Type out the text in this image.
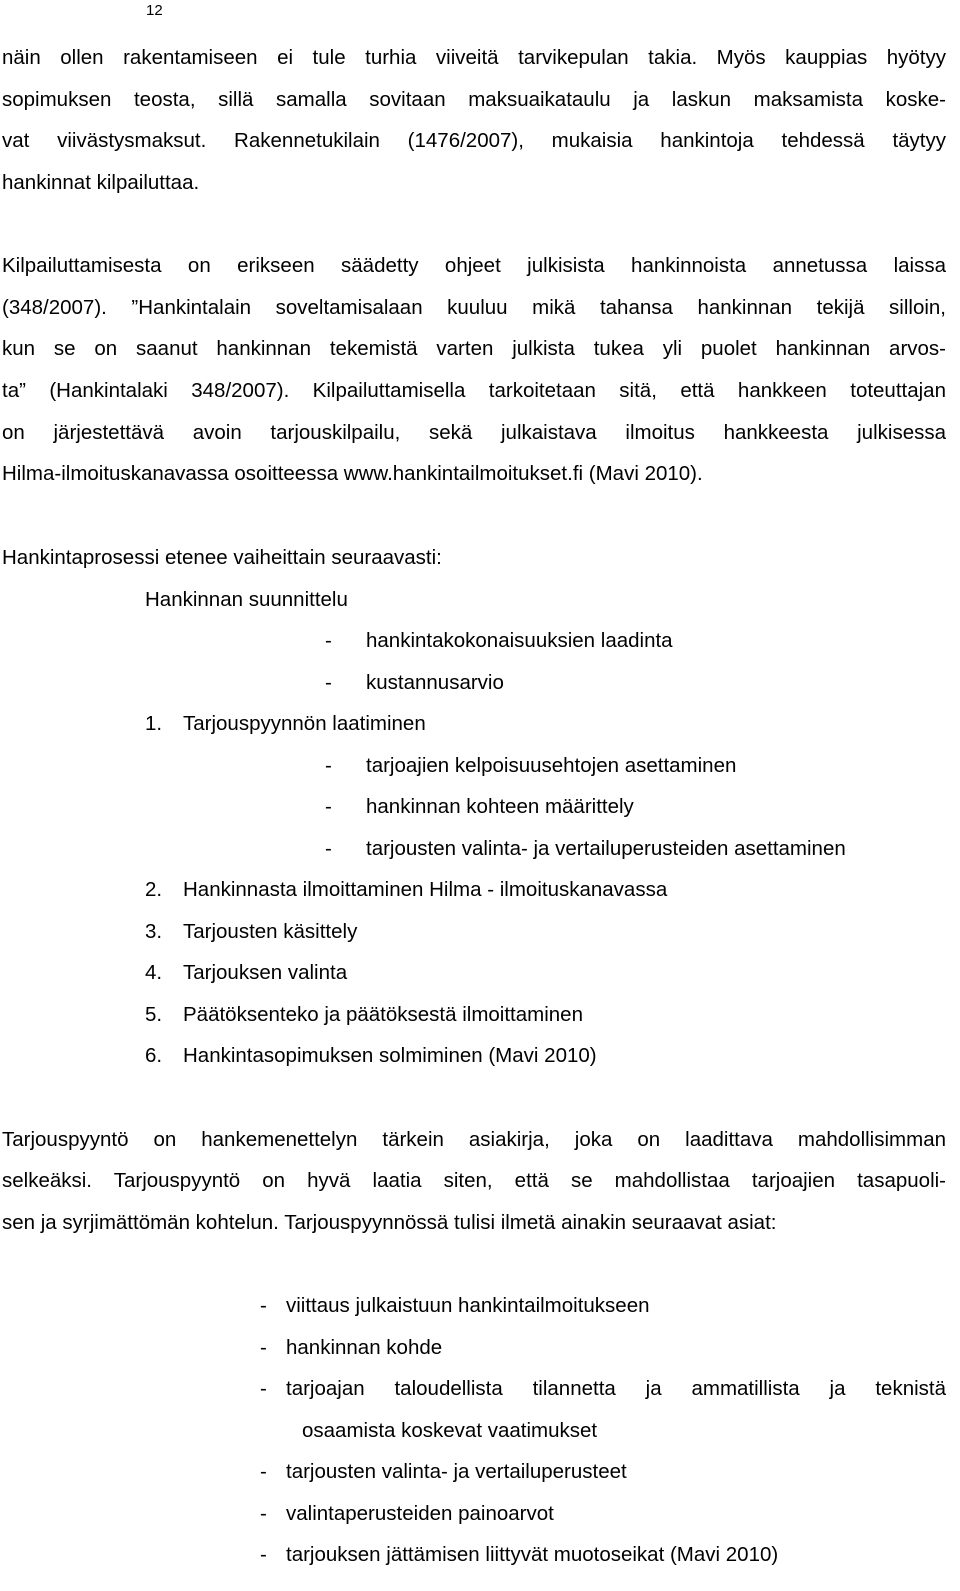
12
näin ollen rakentamiseen ei tule turhia viiveitä tarvikepulan takia. Myös kauppias hyötyy
sopimuksen teosta, sillä samalla sovitaan maksuaikataulu ja laskun maksamista koske-
vat viivästysmaksut. Rakennetukilain (1476/2007), mukaisia hankintoja tehdessä täytyy
hankinnat kilpailuttaa.
Kilpailuttamisesta on erikseen säädetty ohjeet julkisista hankinnoista annetussa laissa
(348/2007). ”Hankintalain soveltamisalaan kuuluu mikä tahansa hankinnan tekijä silloin,
kun se on saanut hankinnan tekemistä varten julkista tukea yli puolet hankinnan arvos-
ta” (Hankintalaki 348/2007). Kilpailuttamisella tarkoitetaan sitä, että hankkeen toteuttajan
on järjestettävä avoin tarjouskilpailu, sekä julkaistava ilmoitus hankkeesta julkisessa
Hilma-ilmoituskanavassa osoitteessa www.hankintailmoitukset.fi (Mavi 2010).
Hankintaprosessi etenee vaiheittain seuraavasti:
Hankinnan suunnittelu
- hankintakokonaisuuksien laadinta
- kustannusarvio
1. Tarjouspyynnön laatiminen
- tarjoajien kelpoisuusehtojen asettaminen
- hankinnan kohteen määrittely
- tarjousten valinta- ja vertailuperusteiden asettaminen
2. Hankinnasta ilmoittaminen Hilma - ilmoituskanavassa
3. Tarjousten käsittely
4. Tarjouksen valinta
5. Päätöksenteko ja päätöksestä ilmoittaminen
6. Hankintasopimuksen solmiminen (Mavi 2010)
Tarjouspyyntö on hankemenettelyn tärkein asiakirja, joka on laadittava mahdollisimman
selkeäksi. Tarjouspyyntö on hyvä laatia siten, että se mahdollistaa tarjoajien tasapuoli-
sen ja syrjimättömän kohtelun. Tarjouspyynnössä tulisi ilmetä ainakin seuraavat asiat:
- viittaus julkaistuun hankintailmoitukseen
- hankinnan kohde
- tarjoajan taloudellista tilannetta ja ammatillista ja teknistä
osaamista koskevat vaatimukset
- tarjousten valinta- ja vertailuperusteet
- valintaperusteiden painoarvot
- tarjouksen jättämisen liittyvät muotoseikat (Mavi 2010)
